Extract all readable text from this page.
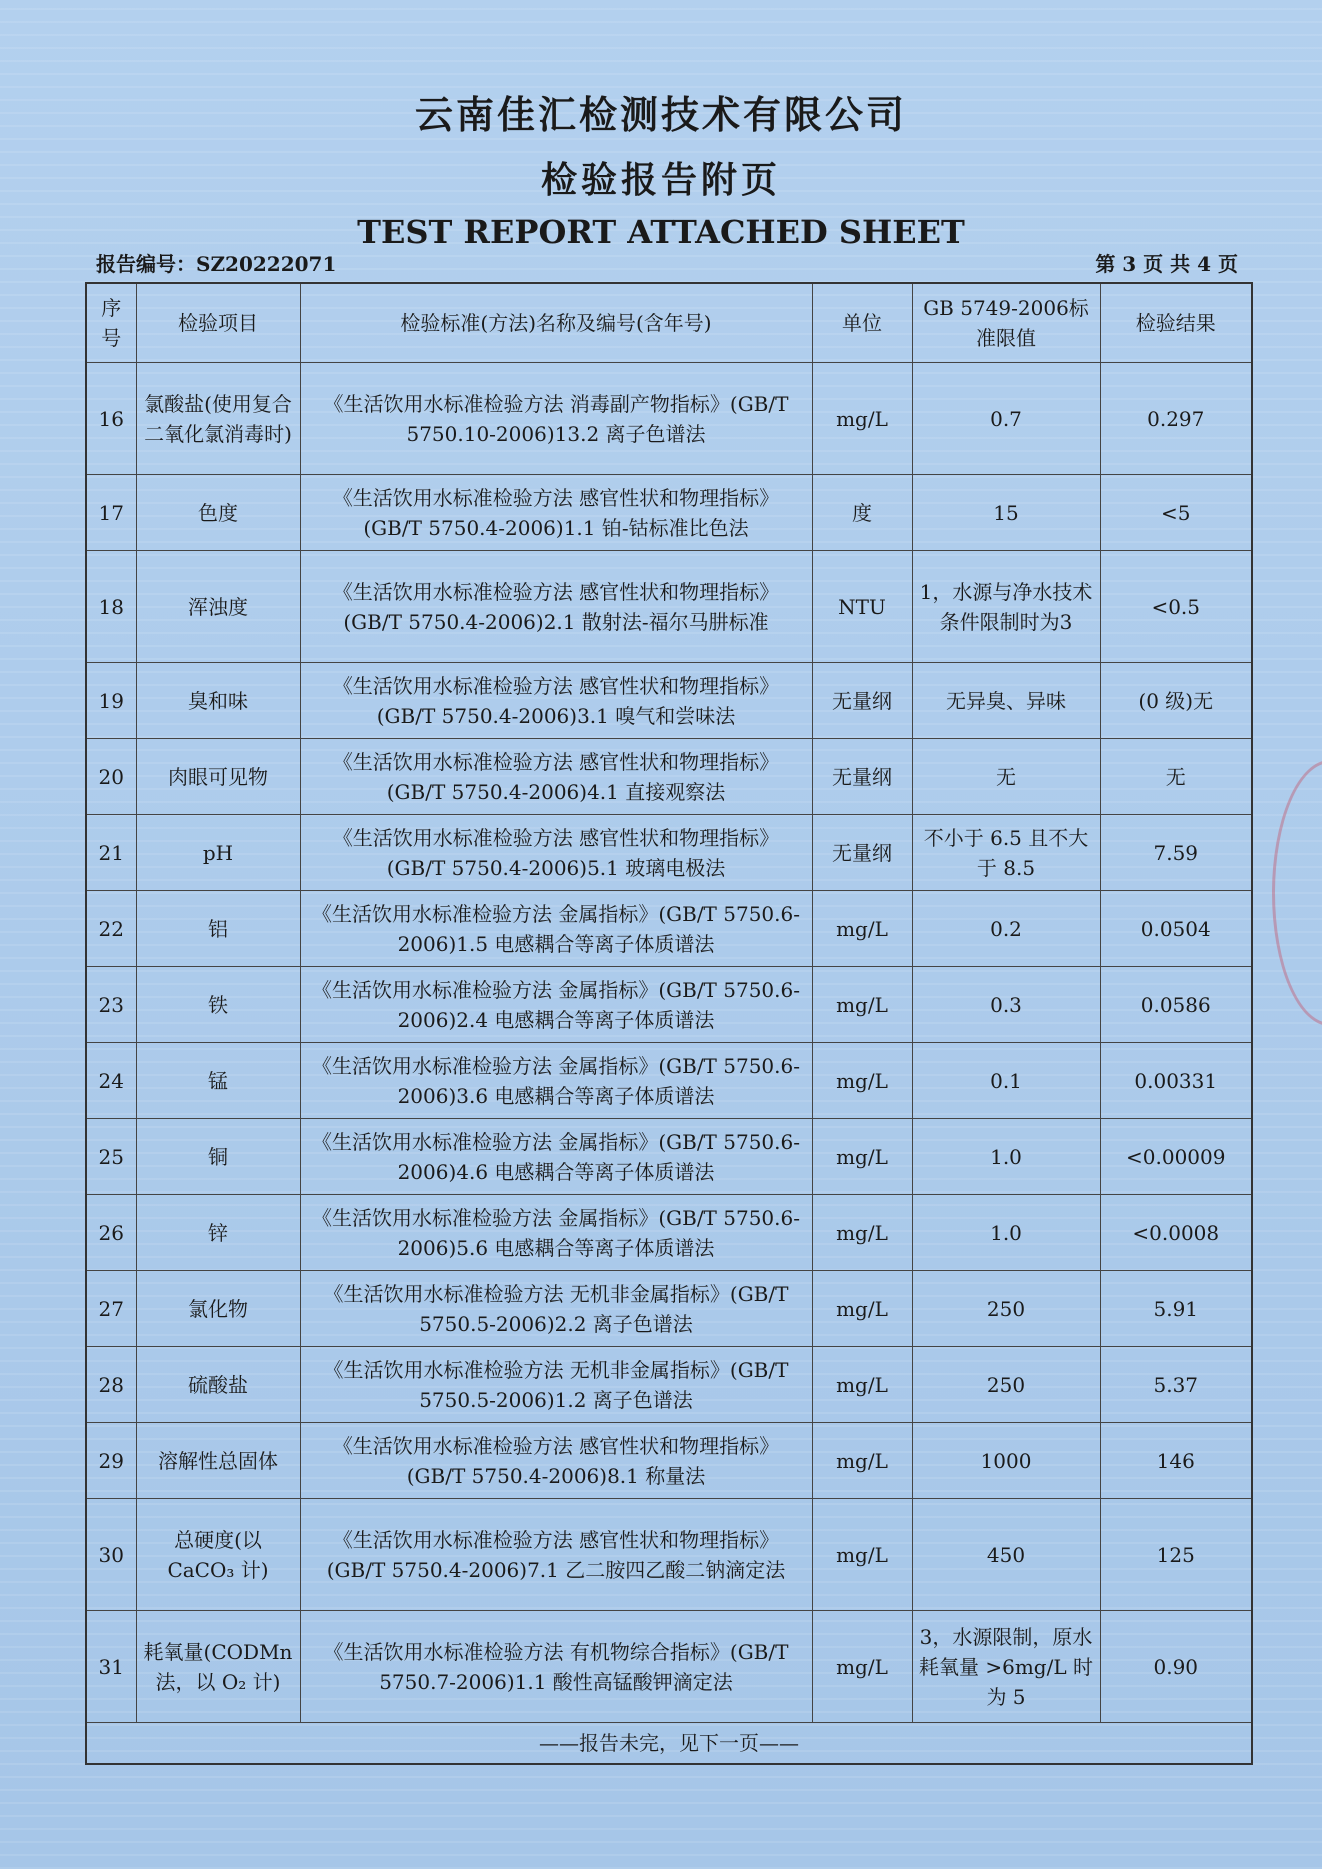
云南佳汇检测技术有限公司
检验报告附页
TEST REPORT ATTACHED SHEET
报告编号：SZ20222071	第 3 页 共 4 页
序号	检验项目	检验标准(方法)名称及编号(含年号)	单位	GB 5749-2006标准限值	检验结果
16	氯酸盐(使用复合二氧化氯消毒时)	《生活饮用水标准检验方法 消毒副产物指标》(GB/T 5750.10-2006)13.2 离子色谱法	mg/L	0.7	0.297
17	色度	《生活饮用水标准检验方法 感官性状和物理指标》(GB/T 5750.4-2006)1.1 铂-钴标准比色法	度	15	<5
18	浑浊度	《生活饮用水标准检验方法 感官性状和物理指标》(GB/T 5750.4-2006)2.1 散射法-福尔马肼标准	NTU	1，水源与净水技术条件限制时为3	<0.5
19	臭和味	《生活饮用水标准检验方法 感官性状和物理指标》(GB/T 5750.4-2006)3.1 嗅气和尝味法	无量纲	无异臭、异味	(0 级)无
20	肉眼可见物	《生活饮用水标准检验方法 感官性状和物理指标》(GB/T 5750.4-2006)4.1 直接观察法	无量纲	无	无
21	pH	《生活饮用水标准检验方法 感官性状和物理指标》(GB/T 5750.4-2006)5.1 玻璃电极法	无量纲	不小于 6.5 且不大于 8.5	7.59
22	铝	《生活饮用水标准检验方法 金属指标》(GB/T 5750.6-2006)1.5 电感耦合等离子体质谱法	mg/L	0.2	0.0504
23	铁	《生活饮用水标准检验方法 金属指标》(GB/T 5750.6-2006)2.4 电感耦合等离子体质谱法	mg/L	0.3	0.0586
24	锰	《生活饮用水标准检验方法 金属指标》(GB/T 5750.6-2006)3.6 电感耦合等离子体质谱法	mg/L	0.1	0.00331
25	铜	《生活饮用水标准检验方法 金属指标》(GB/T 5750.6-2006)4.6 电感耦合等离子体质谱法	mg/L	1.0	<0.00009
26	锌	《生活饮用水标准检验方法 金属指标》(GB/T 5750.6-2006)5.6 电感耦合等离子体质谱法	mg/L	1.0	<0.0008
27	氯化物	《生活饮用水标准检验方法 无机非金属指标》(GB/T 5750.5-2006)2.2 离子色谱法	mg/L	250	5.91
28	硫酸盐	《生活饮用水标准检验方法 无机非金属指标》(GB/T 5750.5-2006)1.2 离子色谱法	mg/L	250	5.37
29	溶解性总固体	《生活饮用水标准检验方法 感官性状和物理指标》(GB/T 5750.4-2006)8.1 称量法	mg/L	1000	146
30	总硬度(以 CaCO₃ 计)	《生活饮用水标准检验方法 感官性状和物理指标》(GB/T 5750.4-2006)7.1 乙二胺四乙酸二钠滴定法	mg/L	450	125
31	耗氧量(CODMn 法，以 O₂ 计)	《生活饮用水标准检验方法 有机物综合指标》(GB/T 5750.7-2006)1.1 酸性高锰酸钾滴定法	mg/L	3，水源限制，原水耗氧量 >6mg/L 时为 5	0.90
——报告未完，见下一页——					
